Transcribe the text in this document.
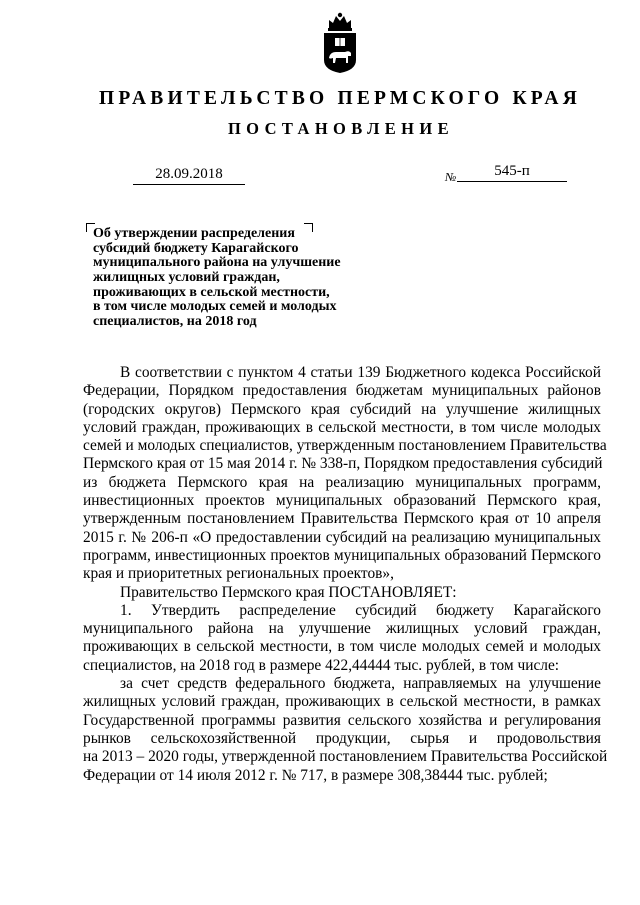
ПРАВИТЕЛЬСТВО ПЕРМСКОГО КРАЯ
ПОСТАНОВЛЕНИЕ
28.09.2018	№	545-п
Об утверждении распределения
субсидий бюджету Карагайского
муниципального района на улучшение
жилищных условий граждан,
проживающих в сельской местности,
в том числе молодых семей и молодых
специалистов, на 2018 год
В соответствии с пунктом 4 статьи 139 Бюджетного кодекса Российской
Федерации, Порядком предоставления бюджетам муниципальных районов
(городских округов) Пермского края субсидий на улучшение жилищных
условий граждан, проживающих в сельской местности, в том числе молодых
семей и молодых специалистов, утвержденным постановлением Правительства
Пермского края от 15 мая 2014 г. № 338-п, Порядком предоставления субсидий
из бюджета Пермского края на реализацию муниципальных программ,
инвестиционных проектов муниципальных образований Пермского края,
утвержденным постановлением Правительства Пермского края от 10 апреля
2015 г. № 206-п «О предоставлении субсидий на реализацию муниципальных
программ, инвестиционных проектов муниципальных образований Пермского
края и приоритетных региональных проектов»,
Правительство Пермского края ПОСТАНОВЛЯЕТ:
1. Утвердить распределение субсидий бюджету Карагайского
муниципального района на улучшение жилищных условий граждан,
проживающих в сельской местности, в том числе молодых семей и молодых
специалистов, на 2018 год в размере 422,44444 тыс. рублей, в том числе:
за счет средств федерального бюджета, направляемых на улучшение
жилищных условий граждан, проживающих в сельской местности, в рамках
Государственной программы развития сельского хозяйства и регулирования
рынков сельскохозяйственной продукции, сырья и продовольствия
на 2013 – 2020 годы, утвержденной постановлением Правительства Российской
Федерации от 14 июля 2012 г. № 717, в размере 308,38444 тыс. рублей;
